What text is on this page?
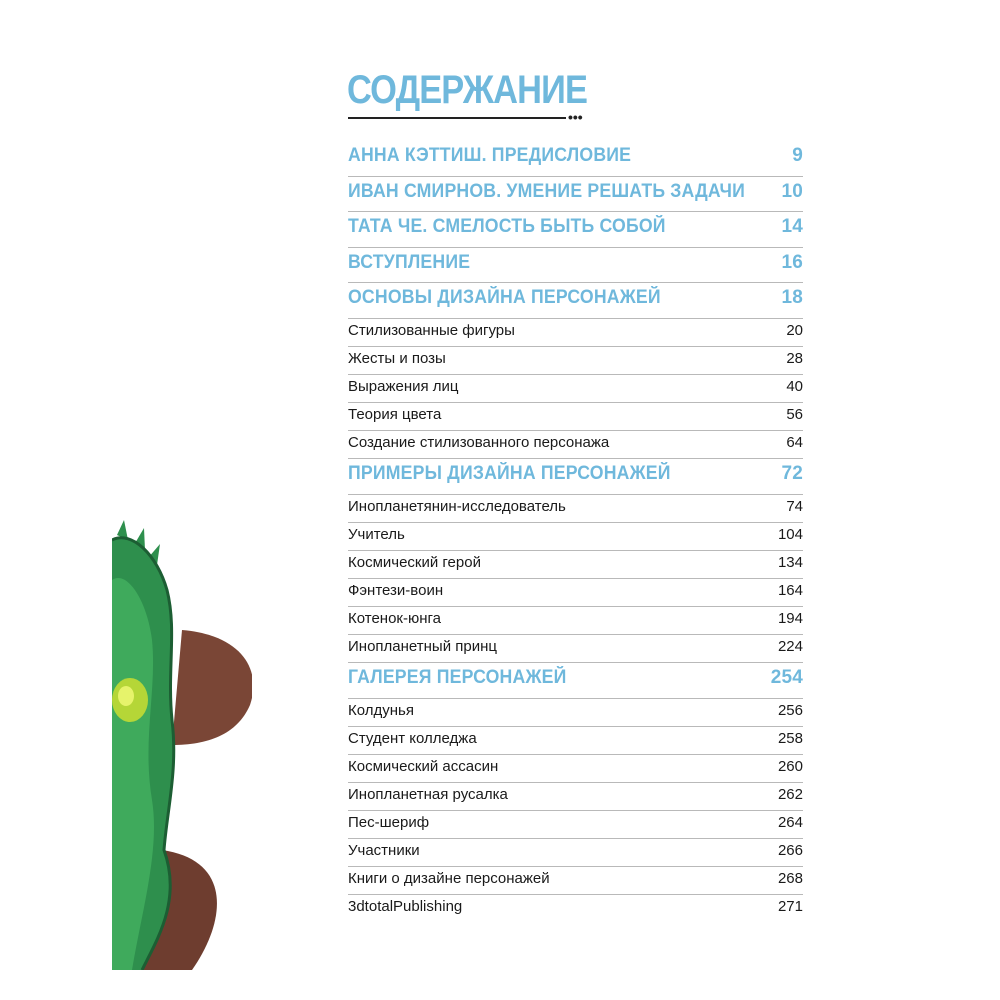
СОДЕРЖАНИЕ
•••
АННА КЭТТИШ. ПРЕДИСЛОВИЕ	9
ИВАН СМИРНОВ. УМЕНИЕ РЕШАТЬ ЗАДАЧИ 10
ТАТА ЧЕ. СМЕЛОСТЬ БЫТЬ СОБОЙ	14
ВСТУПЛЕНИЕ	16
ОСНОВЫ ДИЗАЙНА ПЕРСОНАЖЕЙ	18
Стилизованные фигуры	20
Жесты и позы	28
Выражения лиц	40
Теория цвета	56
Создание стилизованного персонажа	64
ПРИМЕРЫ ДИЗАЙНА ПЕРСОНАЖЕЙ	72
Инопланетянин-исследователь	74
Учитель	104
Космический герой	134
Фэнтези-воин	164
Котенок-юнга	194
Инопланетный принц	224
ГАЛЕРЕЯ ПЕРСОНАЖЕЙ	254
Колдунья	256
Студент колледжа	258
Космический ассасин	260
Инопланетная русалка	262
Пес-шериф	264
Участники	266
Книги о дизайне персонажей	268
3dtotalPublishing	271
